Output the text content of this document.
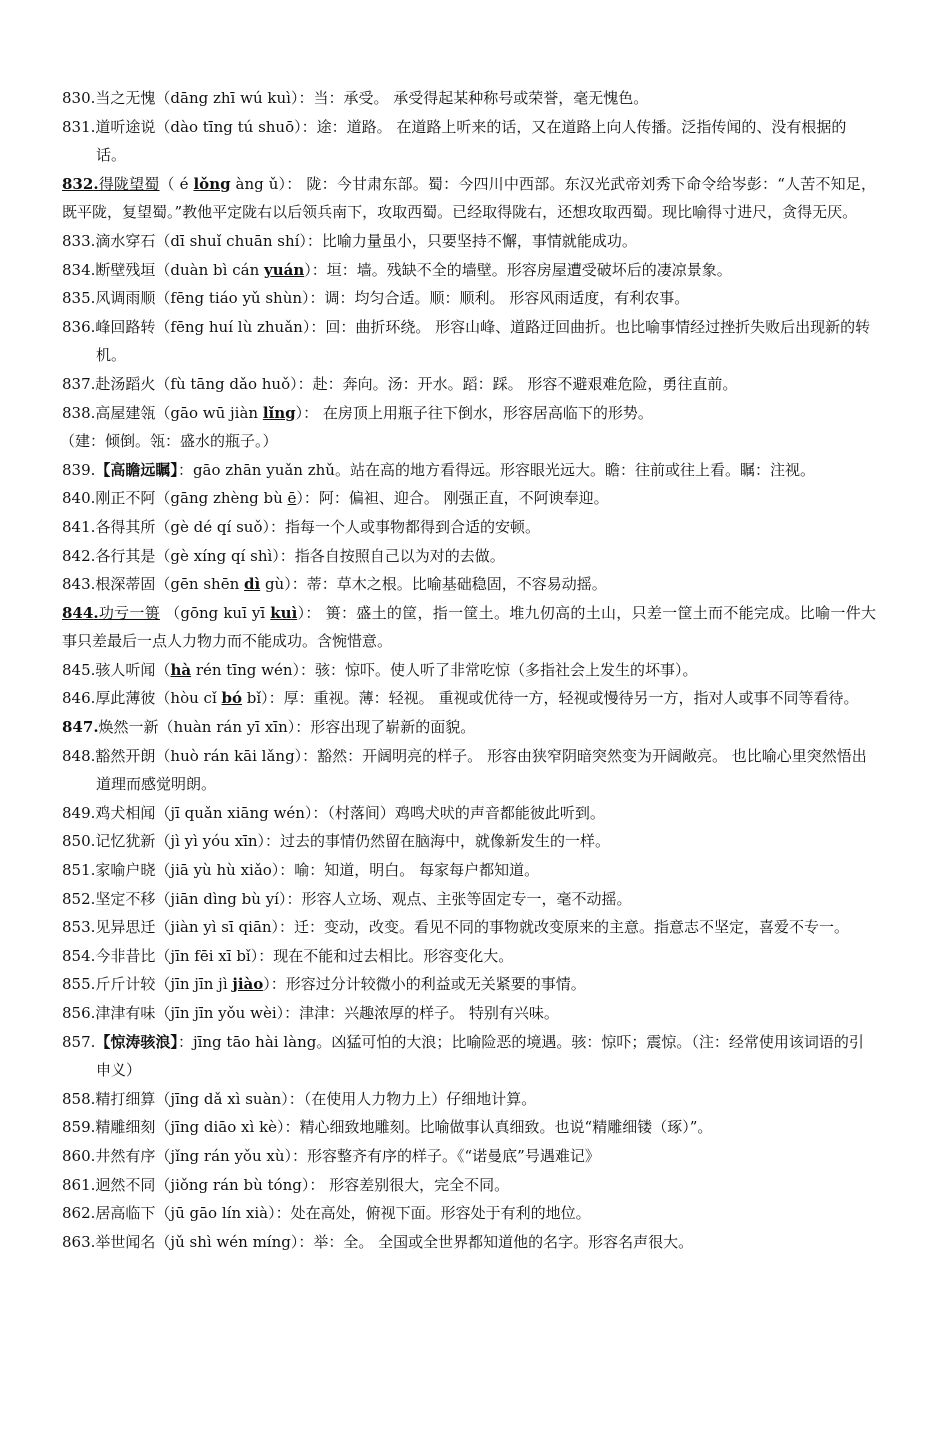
830.当之无愧（dāng zhī wú kuì）：当：承受。 承受得起某种称号或荣誉，毫无愧色。
831.道听途说（dào tīng tú shuō）：途：道路。 在道路上听来的话，又在道路上向人传播。泛指传闻的、没有根据的话。
832.得陇望蜀（ é lǒng àng ǔ）： 陇：今甘肃东部。蜀：今四川中西部。东汉光武帝刘秀下命令给岑彭：“人苦不知足，既平陇，复望蜀。”教他平定陇右以后领兵南下，攻取西蜀。已经取得陇右，还想攻取西蜀。现比喻得寸进尺，贪得无厌。
833.滴水穿石（dī shuǐ chuān shí）：比喻力量虽小，只要坚持不懈，事情就能成功。
834.断壁残垣（duàn bì cán yuán）：垣：墙。残缺不全的墙壁。形容房屋遭受破坏后的凄凉景象。
835.风调雨顺（fēng tiáo yǔ shùn）：调：均匀合适。顺：顺利。 形容风雨适度，有利农事。
836.峰回路转（fēng huí lù zhuǎn）：回：曲折环绕。 形容山峰、道路迂回曲折。也比喻事情经过挫折失败后出现新的转机。
837.赴汤蹈火（fù tāng dǎo huǒ）：赴：奔向。汤：开水。蹈：踩。 形容不避艰难危险，勇往直前。
838.高屋建瓴（gāo wū jiàn lǐng）： 在房顶上用瓶子往下倒水，形容居高临下的形势。
（建：倾倒。瓴：盛水的瓶子。）
839.【高瞻远瞩】：gāo zhān yuǎn zhǔ。站在高的地方看得远。形容眼光远大。瞻：往前或往上看。瞩：注视。
840.刚正不阿（gāng zhèng bù ē）：阿：偏袒、迎合。 刚强正直，不阿谀奉迎。
841.各得其所（gè dé qí suǒ）：指每一个人或事物都得到合适的安顿。
842.各行其是（gè xíng qí shì）：指各自按照自己以为对的去做。
843.根深蒂固（gēn shēn dì gù）：蒂：草木之根。比喻基础稳固，不容易动摇。
844.功亏一篑 （gōng kuī yī kuì）： 篑：盛土的筐，指一筐土。堆九仞高的土山，只差一筐土而不能完成。比喻一件大事只差最后一点人力物力而不能成功。含惋惜意。
845.骇人听闻（hà rén tīng wén）：骇：惊吓。使人听了非常吃惊（多指社会上发生的坏事）。
846.厚此薄彼（hòu cǐ bó bǐ）：厚：重视。薄：轻视。 重视或优待一方，轻视或慢待另一方，指对人或事不同等看待。
847.焕然一新（huàn rán yī xīn）：形容出现了崭新的面貌。
848.豁然开朗（huò rán kāi lǎng）：豁然：开阔明亮的样子。 形容由狭窄阴暗突然变为开阔敞亮。 也比喻心里突然悟出道理而感觉明朗。
849.鸡犬相闻（jī quǎn xiāng wén）：（村落间）鸡鸣犬吠的声音都能彼此听到。
850.记忆犹新（jì yì yóu xīn）：过去的事情仍然留在脑海中，就像新发生的一样。
851.家喻户晓（jiā yù hù xiǎo）：喻：知道，明白。 每家每户都知道。
852.坚定不移（jiān dìng bù yí）：形容人立场、观点、主张等固定专一，毫不动摇。
853.见异思迁（jiàn yì sī qiān）：迁：变动，改变。看见不同的事物就改变原来的主意。指意志不坚定，喜爱不专一。
854.今非昔比（jīn fēi xī bǐ）：现在不能和过去相比。形容变化大。
855.斤斤计较（jīn jīn jì jiào）：形容过分计较微小的利益或无关紧要的事情。
856.津津有味（jīn jīn yǒu wèi）：津津：兴趣浓厚的样子。 特别有兴味。
857.【惊涛骇浪】：jīng tāo hài làng。凶猛可怕的大浪；比喻险恶的境遇。骇：惊吓；震惊。（注：经常使用该词语的引申义）
858.精打细算（jīng dǎ xì suàn）：（在使用人力物力上）仔细地计算。
859.精雕细刻（jīng diāo xì kè）：精心细致地雕刻。比喻做事认真细致。也说“精雕细镂（琢）”。
860.井然有序（jǐng rán yǒu xù）：形容整齐有序的样子。《“诺曼底”号遇难记》
861.迥然不同（jiǒng rán bù tóng）： 形容差别很大，完全不同。
862.居高临下（jū gāo lín xià）：处在高处，俯视下面。形容处于有利的地位。
863.举世闻名（jǔ shì wén míng）：举：全。 全国或全世界都知道他的名字。形容名声很大。
